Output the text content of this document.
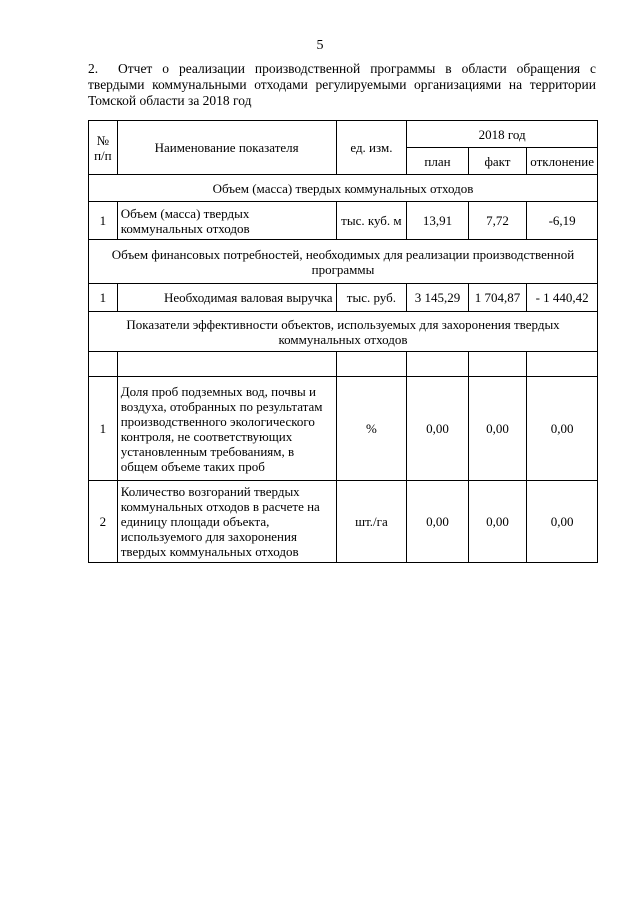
5
2. Отчет о реализации производственной программы в области обращения с твердыми коммунальными отходами регулируемыми организациями на территории Томской области за 2018 год
№ п/п	Наименование показателя	ед. изм.	2018 год		
			план	факт	отклонение
Объем (масса) твердых коммунальных отходов					
1	Объем (масса) твердых коммунальных отходов	тыс. куб. м	13,91	7,72	-6,19
Объем финансовых потребностей, необходимых для реализации производственной программы					
1	Необходимая валовая выручка	тыс. руб.	3 145,29	1 704,87	- 1 440,42
Показатели эффективности объектов, используемых для захоронения твердых коммунальных отходов					

1	Доля проб подземных вод, почвы и воздуха, отобранных по результатам производственного экологического контроля, не соответствующих установленным требованиям, в общем объеме таких проб	%	0,00	0,00	0,00
2	Количество возгораний твердых коммунальных отходов в расчете на единицу площади объекта, используемого для захоронения твердых коммунальных отходов	шт./га	0,00	0,00	0,00
